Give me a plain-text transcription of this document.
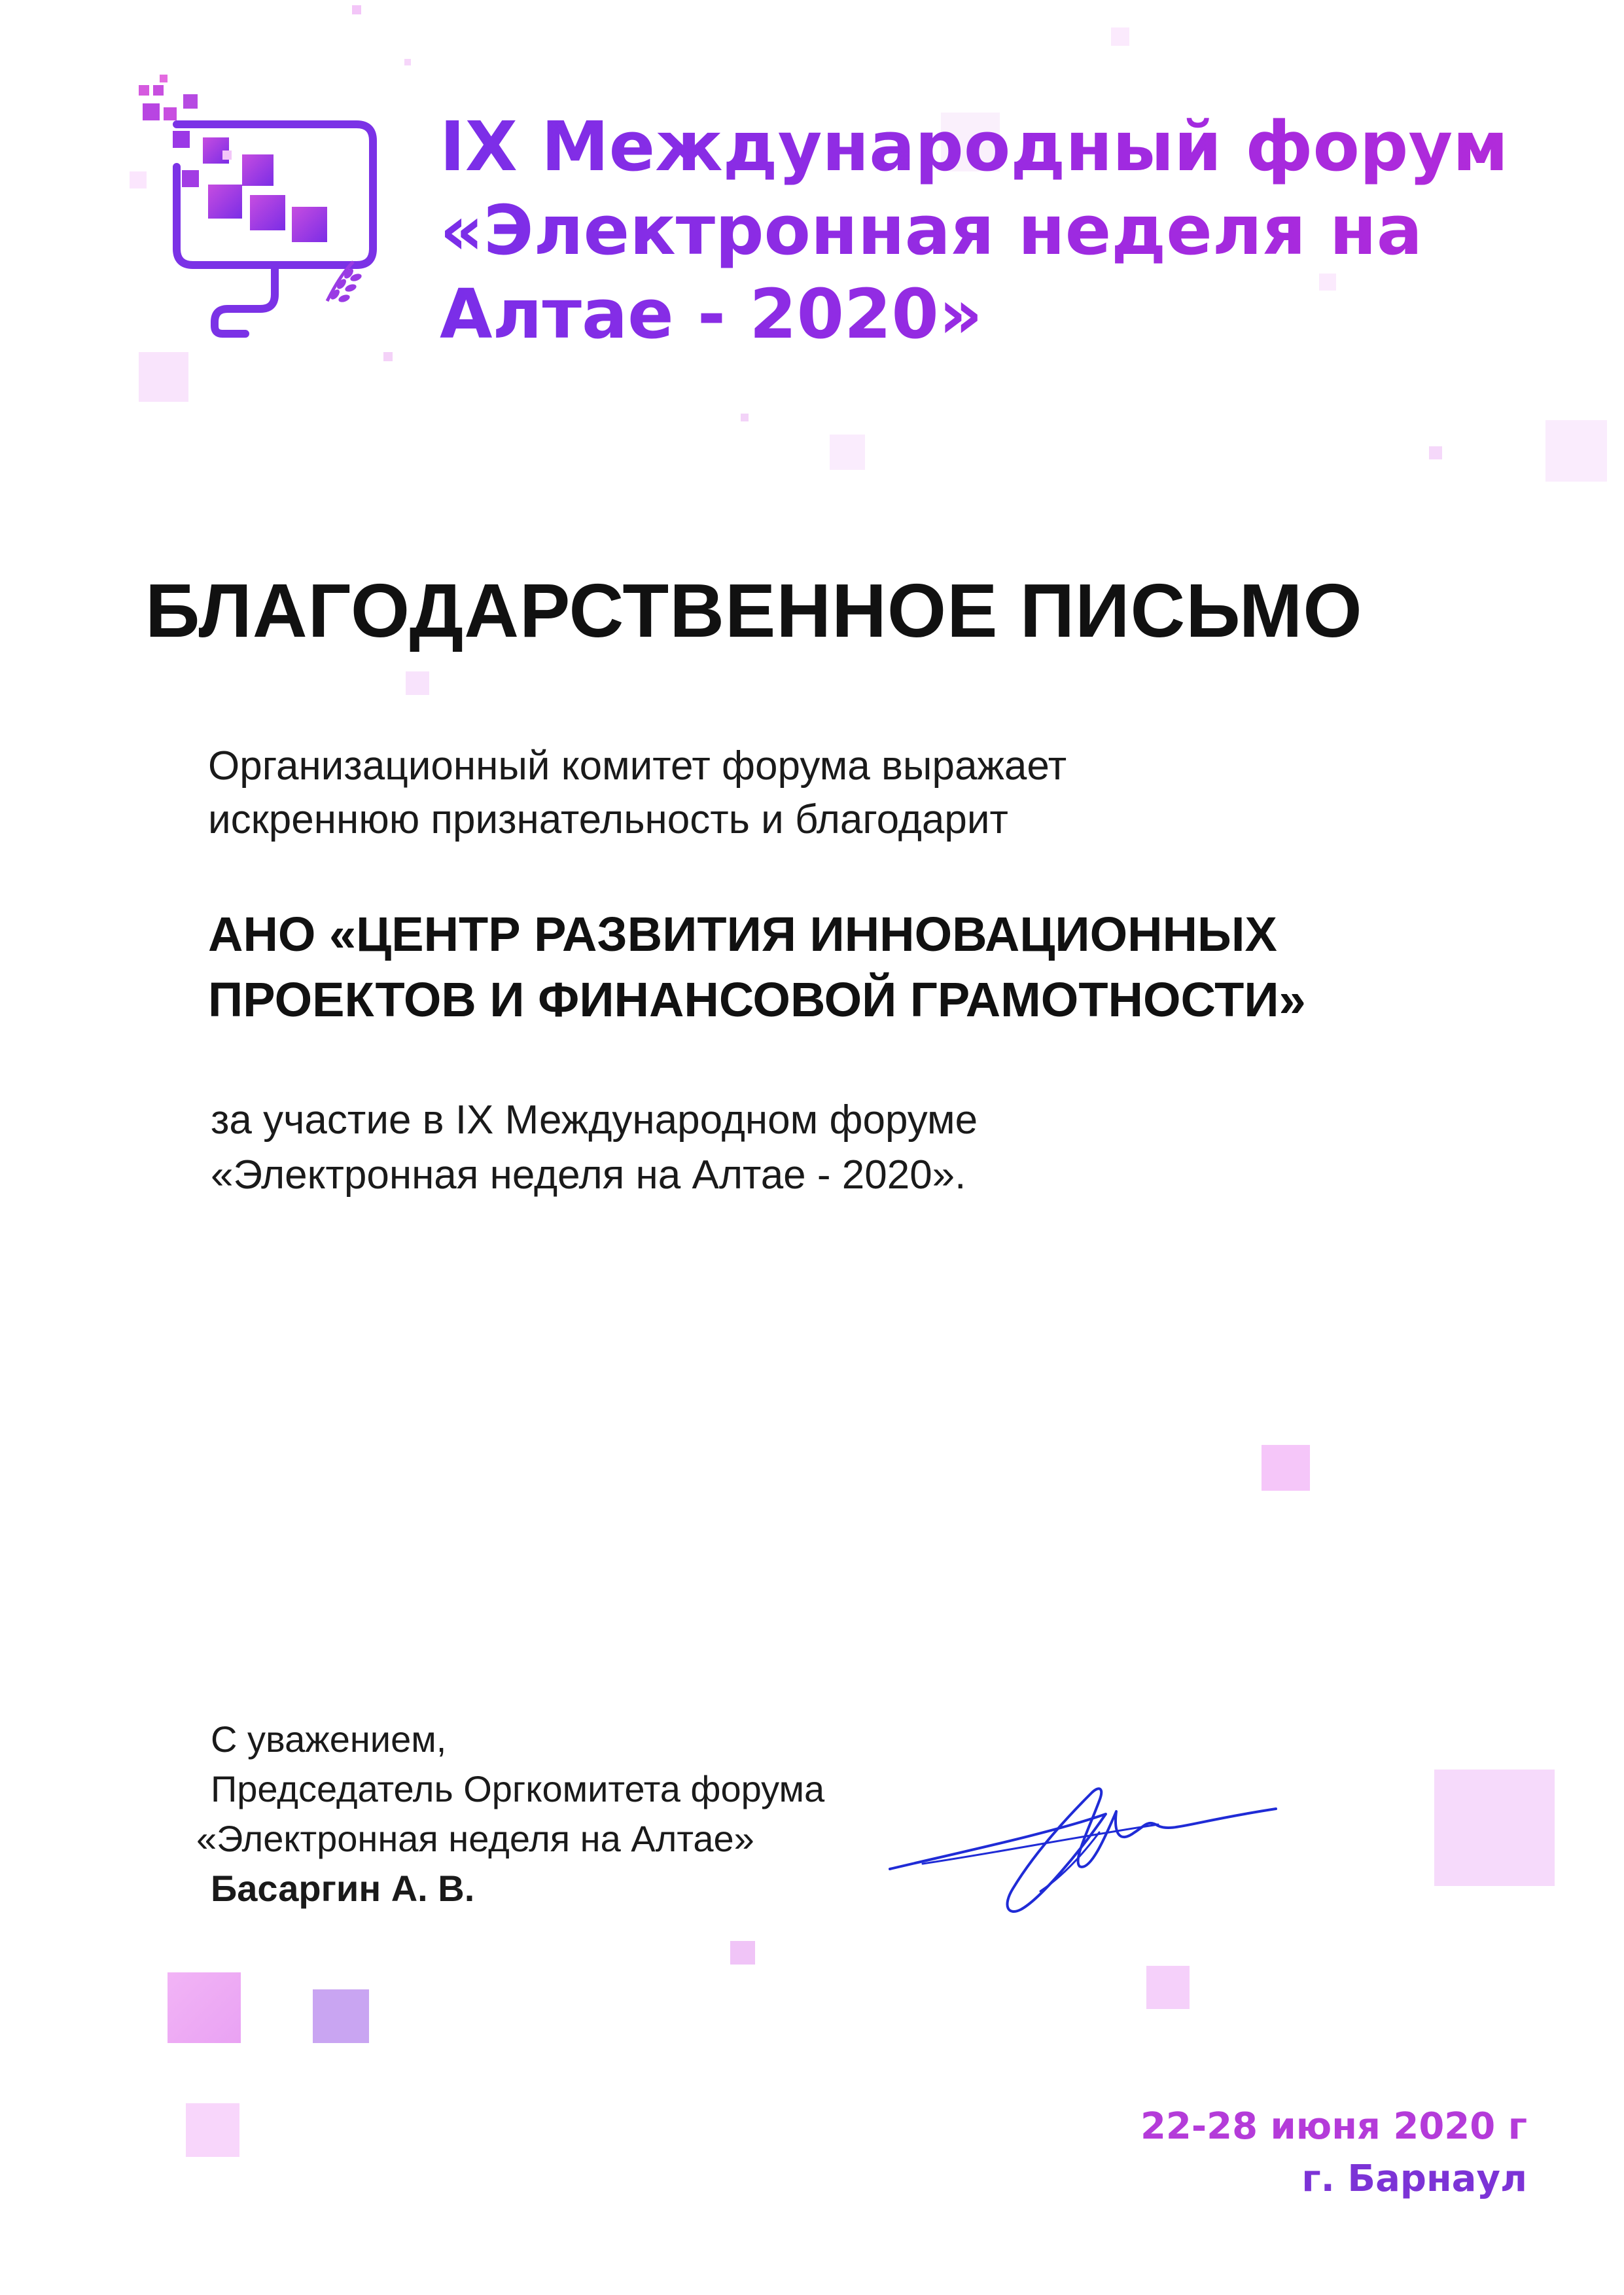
IX Международный форум
«Электронная неделя на
Алтае - 2020»
БЛАГОДАРСТВЕННОЕ ПИСЬМО
Организационный комитет форума выражает
искреннюю признательность и благодарит
АНО «ЦЕНТР РАЗВИТИЯ ИННОВАЦИОННЫХ
ПРОЕКТОВ И ФИНАНСОВОЙ ГРАМОТНОСТИ»
за участие в IX Международном форуме
«Электронная неделя на Алтае - 2020».
С уважением,
Председатель Оргкомитета форума
«Электронная неделя на Алтае»
Басаргин А. В.
22-28 июня 2020 г
г. Барнаул
